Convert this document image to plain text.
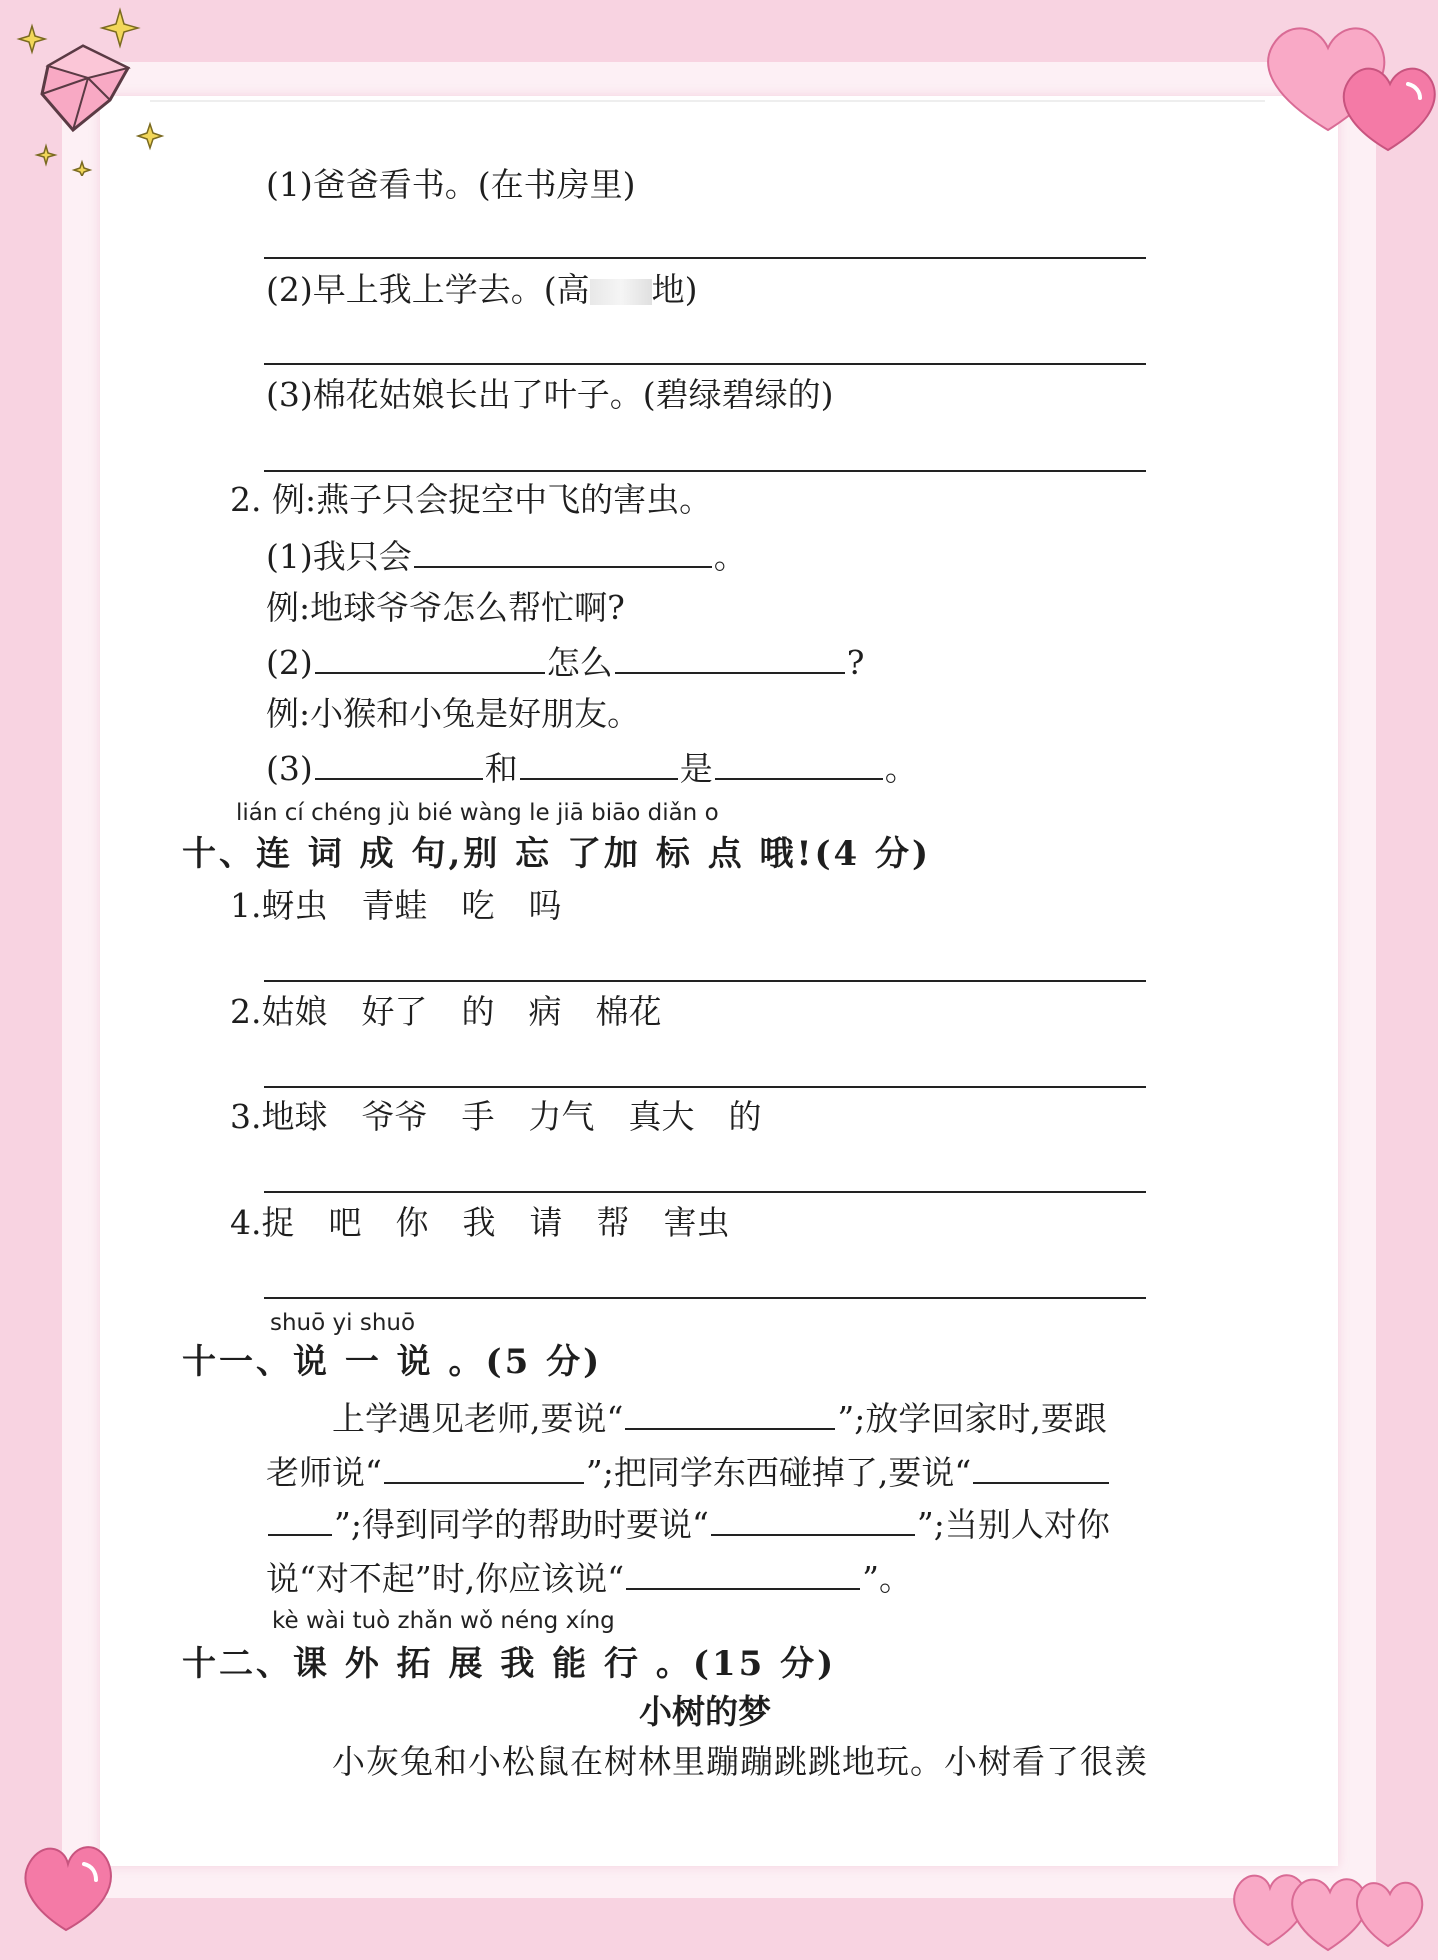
(1)爸爸看书。(在书房里)
(2)早上我上学去。(高 地)
(3)棉花姑娘长出了叶子。(碧绿碧绿的)
2. 例:燕子只会捉空中飞的害虫。
(1)我只会	。
例:地球爷爷怎么帮忙啊?
(2)	怎么	?
例:小猴和小兔是好朋友。
(3)	和	是	。
lián cí chéng jù bié wàng le jiā biāo diǎn o
十、连 词 成 句,别 忘 了加 标 点 哦!(4 分)
1.蚜虫 青蛙 吃 吗
2.姑娘 好了 的 病 棉花
3.地球 爷爷 手 力气 真大 的
4.捉 吧 你 我 请 帮 害虫
shuō yi shuō
十一、说 一 说 。(5 分)
上学遇见老师,要说“	”;放学回家时,要跟
老师说“	”;把同学东西碰掉了,要说“
”;得到同学的帮助时要说“	”;当别人对你
说“对不起”时,你应该说“	”。
kè wài tuò zhǎn wǒ néng xíng
十二、课 外 拓 展 我 能 行 。(15 分)
小树的梦
小灰兔和小松鼠在树林里蹦蹦跳跳地玩。小树看了很羡
